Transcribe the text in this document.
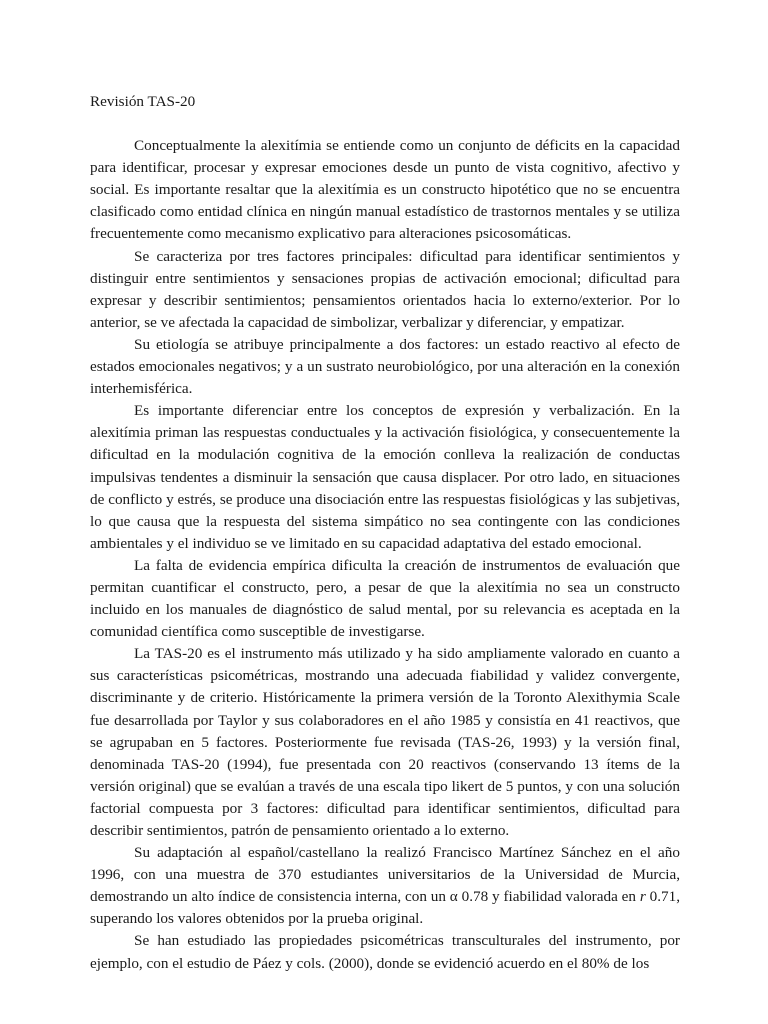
Revisión TAS-20

Conceptualmente la alexitímia se entiende como un conjunto de déficits en la capacidad para identificar, procesar y expresar emociones desde un punto de vista cognitivo, afectivo y social. Es importante resaltar que la alexitímia es un constructo hipotético que no se encuentra clasificado como entidad clínica en ningún manual estadístico de trastornos mentales y se utiliza frecuentemente como mecanismo explicativo para alteraciones psicosomáticas.

Se caracteriza por tres factores principales: dificultad para identificar sentimientos y distinguir entre sentimientos y sensaciones propias de activación emocional; dificultad para expresar y describir sentimientos; pensamientos orientados hacia lo externo/exterior. Por lo anterior, se ve afectada la capacidad de simbolizar, verbalizar y diferenciar, y empatizar.

Su etiología se atribuye principalmente a dos factores: un estado reactivo al efecto de estados emocionales negativos; y a un sustrato neurobiológico, por una alteración en la conexión interhemisférica.

Es importante diferenciar entre los conceptos de expresión y verbalización. En la alexitímia priman las respuestas conductuales y la activación fisiológica, y consecuentemente la dificultad en la modulación cognitiva de la emoción conlleva la realización de conductas impulsivas tendentes a disminuir la sensación que causa displacer. Por otro lado, en situaciones de conflicto y estrés, se produce una disociación entre las respuestas fisiológicas y las subjetivas, lo que causa que la respuesta del sistema simpático no sea contingente con las condiciones ambientales y el individuo se ve limitado en su capacidad adaptativa del estado emocional.

La falta de evidencia empírica dificulta la creación de instrumentos de evaluación que permitan cuantificar el constructo, pero, a pesar de que la alexitímia no sea un constructo incluido en los manuales de diagnóstico de salud mental, por su relevancia es aceptada en la comunidad científica como susceptible de investigarse.

La TAS-20 es el instrumento más utilizado y ha sido ampliamente valorado en cuanto a sus características psicométricas, mostrando una adecuada fiabilidad y validez convergente, discriminante y de criterio. Históricamente la primera versión de la Toronto Alexithymia Scale fue desarrollada por Taylor y sus colaboradores en el año 1985 y consistía en 41 reactivos, que se agrupaban en 5 factores. Posteriormente fue revisada (TAS-26, 1993) y la versión final, denominada TAS-20 (1994), fue presentada con 20 reactivos (conservando 13 ítems de la versión original) que se evalúan a través de una escala tipo likert de 5 puntos, y con una solución factorial compuesta por 3 factores: dificultad para identificar sentimientos, dificultad para describir sentimientos, patrón de pensamiento orientado a lo externo.

Su adaptación al español/castellano la realizó Francisco Martínez Sánchez en el año 1996, con una muestra de 370 estudiantes universitarios de la Universidad de Murcia, demostrando un alto índice de consistencia interna, con un α 0.78 y fiabilidad valorada en r 0.71, superando los valores obtenidos por la prueba original.

Se han estudiado las propiedades psicométricas transculturales del instrumento, por ejemplo, con el estudio de Páez y cols. (2000), donde se evidenció acuerdo en el 80% de los
